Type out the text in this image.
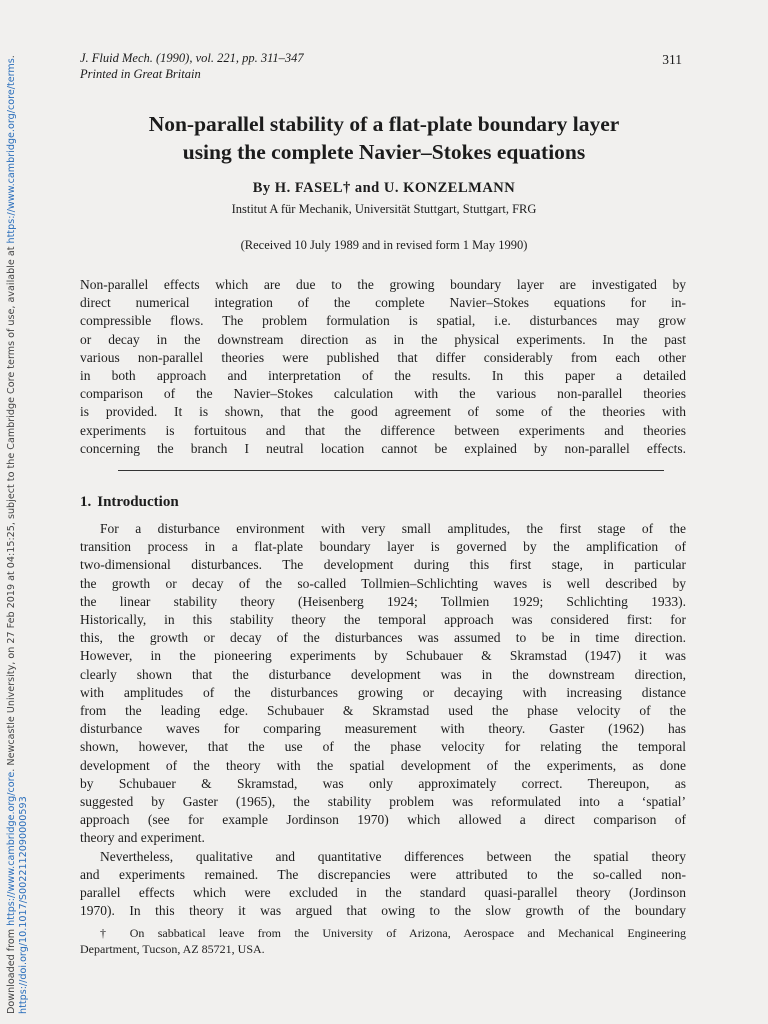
Downloaded from https://www.cambridge.org/core. Newcastle University, on 27 Feb 2019 at 04:15:25, subject to the Cambridge Core terms of use, available at https://www.cambridge.org/core/terms.
https://doi.org/10.1017/S0022112090000593
J. Fluid Mech. (1990), vol. 221, pp. 311–347
Printed in Great Britain
311
Non-parallel stability of a flat-plate boundary layer
using the complete Navier–Stokes equations
By H. FASEL† and U. KONZELMANN
Institut A für Mechanik, Universität Stuttgart, Stuttgart, FRG
(Received 10 July 1989 and in revised form 1 May 1990)
Non-parallel effects which are due to the growing boundary layer are investigated by
direct numerical integration of the complete Navier–Stokes equations for in-
compressible flows. The problem formulation is spatial, i.e. disturbances may grow
or decay in the downstream direction as in the physical experiments. In the past
various non-parallel theories were published that differ considerably from each other
in both approach and interpretation of the results. In this paper a detailed
comparison of the Navier–Stokes calculation with the various non-parallel theories
is provided. It is shown, that the good agreement of some of the theories with
experiments is fortuitous and that the difference between experiments and theories
concerning the branch I neutral location cannot be explained by non-parallel effects.
1. Introduction
For a disturbance environment with very small amplitudes, the first stage of the
transition process in a flat-plate boundary layer is governed by the amplification of
two-dimensional disturbances. The development during this first stage, in particular
the growth or decay of the so-called Tollmien–Schlichting waves is well described by
the linear stability theory (Heisenberg 1924; Tollmien 1929; Schlichting 1933).
Historically, in this stability theory the temporal approach was considered first: for
this, the growth or decay of the disturbances was assumed to be in time direction.
However, in the pioneering experiments by Schubauer & Skramstad (1947) it was
clearly shown that the disturbance development was in the downstream direction,
with amplitudes of the disturbances growing or decaying with increasing distance
from the leading edge. Schubauer & Skramstad used the phase velocity of the
disturbance waves for comparing measurement with theory. Gaster (1962) has
shown, however, that the use of the phase velocity for relating the temporal
development of the theory with the spatial development of the experiments, as done
by Schubauer & Skramstad, was only approximately correct. Thereupon, as
suggested by Gaster (1965), the stability problem was reformulated into a ‘spatial’
approach (see for example Jordinson 1970) which allowed a direct comparison of
theory and experiment.
Nevertheless, qualitative and quantitative differences between the spatial theory
and experiments remained. The discrepancies were attributed to the so-called non-
parallel effects which were excluded in the standard quasi-parallel theory (Jordinson
1970). In this theory it was argued that owing to the slow growth of the boundary
† On sabbatical leave from the University of Arizona, Aerospace and Mechanical Engineering
Department, Tucson, AZ 85721, USA.
